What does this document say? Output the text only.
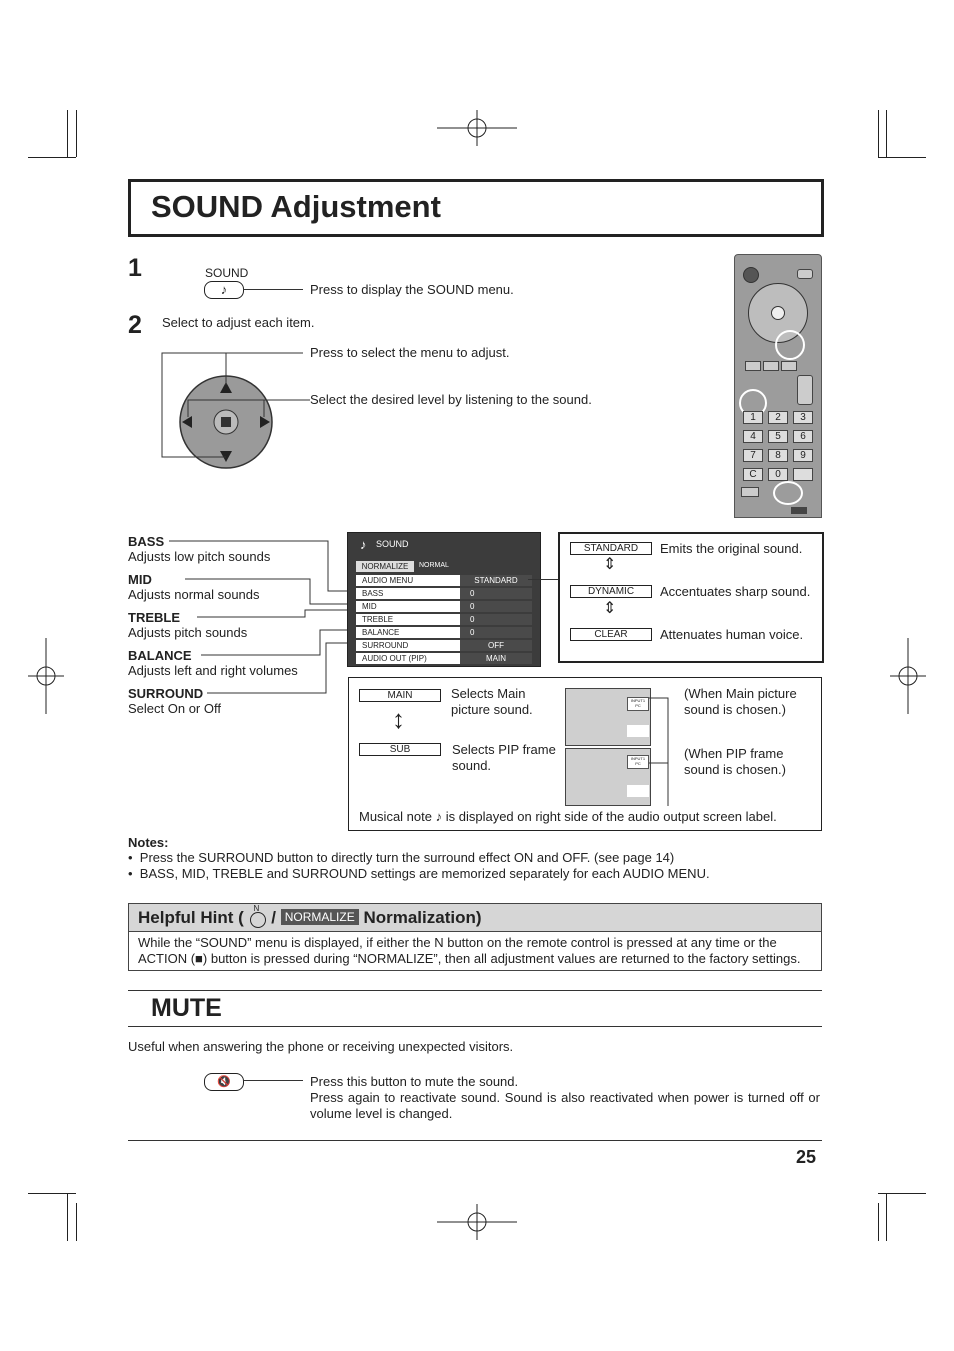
SOUND Adjustment
1	SOUND
♪	Press to display the SOUND menu.
2 Select to adjust each item.
Press to select the menu to adjust.
Select the desired level by listening to the sound.
1	2	3
4	5	6
7	8	9
C	0
BASS
Adjusts low pitch sounds
MID
Adjusts normal sounds
TREBLE
Adjusts pitch sounds
BALANCE
Adjusts left and right volumes
SURROUND
Select On or Off
♪ SOUND
NORMALIZE	NORMAL
AUDIO MENU	STANDARD
BASS	0
MID	0
TREBLE	0
BALANCE	0
SURROUND	OFF
AUDIO OUT (PIP)	MAIN
STANDARD	Emits the original sound.
⇕
DYNAMIC	Accentuates sharp sound.
⇕
CLEAR	Attenuates human voice.
MAIN	Selects Main
picture sound.
↕
SUB	Selects PIP frame
sound.
INPUT1
PC
INPUT1
PC
(When Main picture
sound is chosen.)
(When PIP frame
sound is chosen.)
Musical note ♪ is displayed on right side of the audio output screen label.
Notes:
•  Press the SURROUND button to directly turn the surround effect ON and OFF. (see page 14)
•  BASS, MID, TREBLE and SURROUND settings are memorized separately for each AUDIO MENU.
Helpful Hint ( N / NORMALIZE Normalization)
While the “SOUND” menu is displayed, if either the N button on the remote control is pressed at any time or the ACTION (■) button is pressed during “NORMALIZE”, then all adjustment values are returned to the factory settings.
MUTE
Useful when answering the phone or receiving unexpected visitors.
🔇	Press this button to mute the sound.
Press again to reactivate sound. Sound is also reactivated when power is turned off or volume level is changed.
25
